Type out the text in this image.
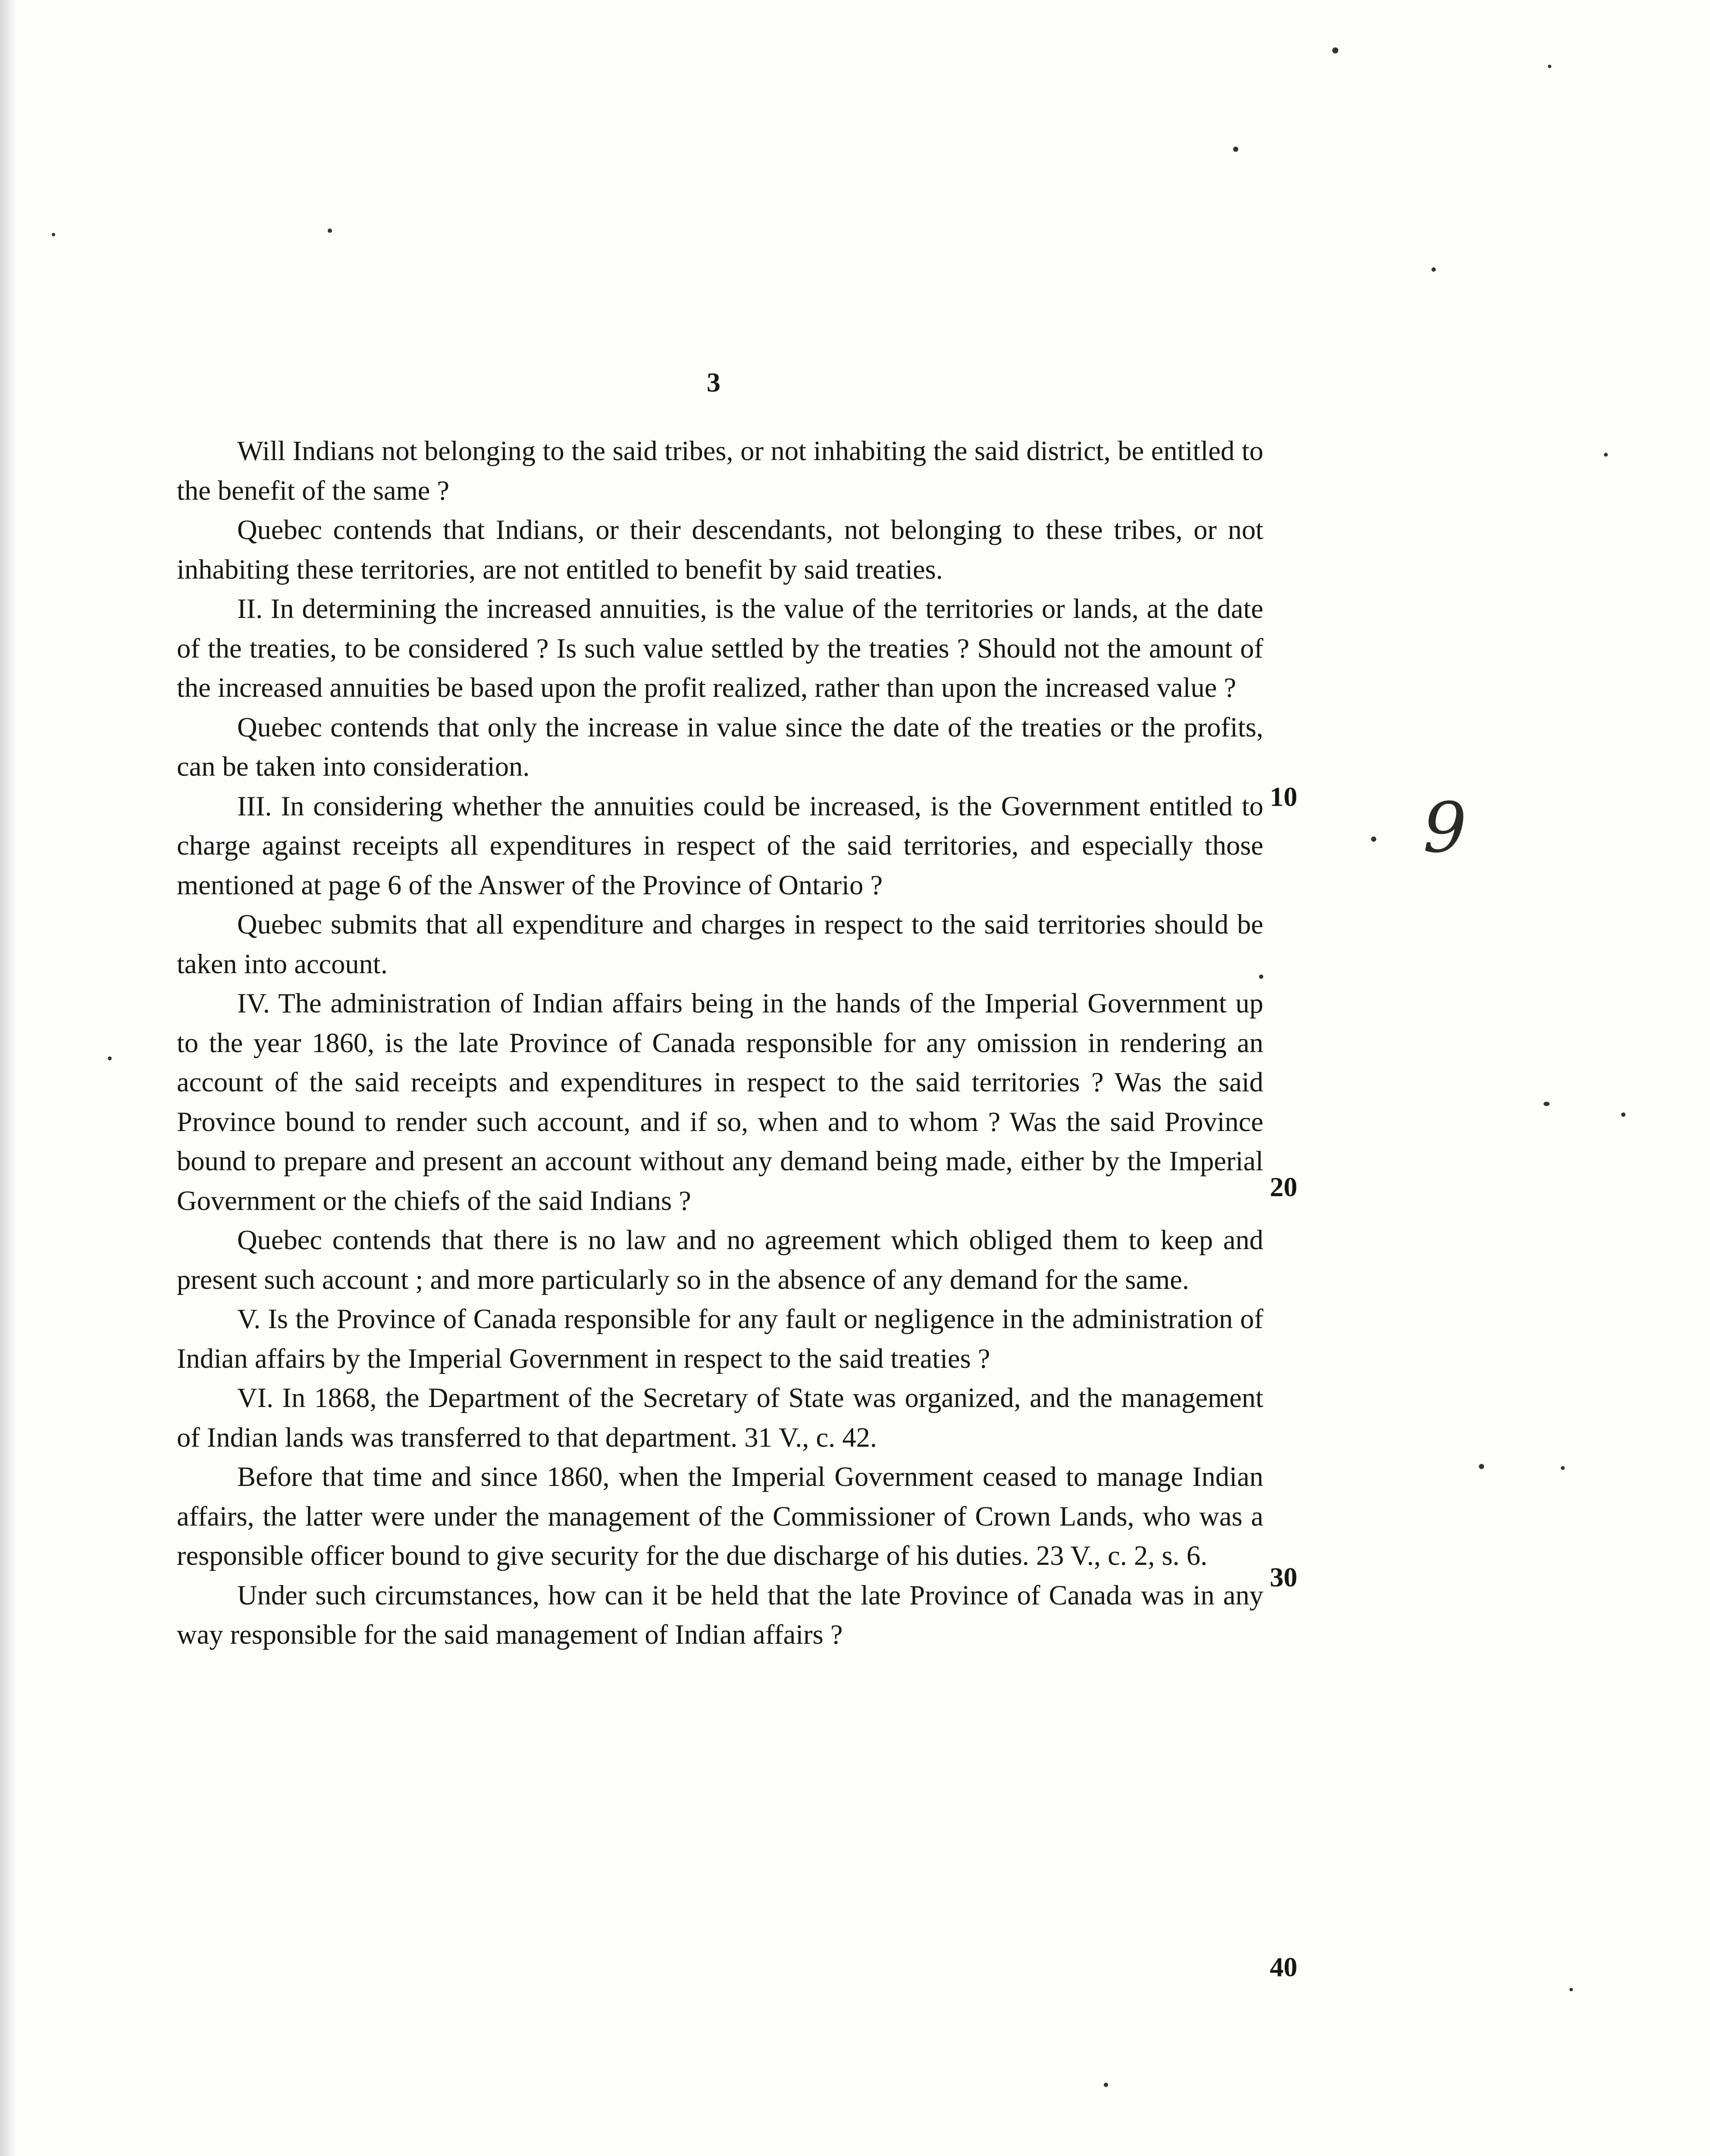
3

Will Indians not belonging to the said tribes, or not inhabiting the said district, be entitled to the benefit of the same ?

Quebec contends that Indians, or their descendants, not belonging to these tribes, or not inhabiting these territories, are not entitled to benefit by said treaties.

II. In determining the increased annuities, is the value of the territories or lands, at the date of the treaties, to be considered ? Is such value settled by the treaties ? Should not the amount of the increased annuities be based upon the profit realized, rather than upon the increased value ?

Quebec contends that only the increase in value since the date of the treaties or the profits, can be taken into consideration.

III. In considering whether the annuities could be increased, is the Government entitled to charge against receipts all expenditures in respect of the said territories, and especially those mentioned at page 6 of the Answer of the Province of Ontario ?

Quebec submits that all expenditure and charges in respect to the said territories should be taken into account.

IV. The administration of Indian affairs being in the hands of the Imperial Government up to the year 1860, is the late Province of Canada responsible for any omission in rendering an account of the said receipts and expenditures in respect to the said territories ? Was the said Province bound to render such account, and if so, when and to whom ? Was the said Province bound to prepare and present an account without any demand being made, either by the Imperial Government or the chiefs of the said Indians ?

Quebec contends that there is no law and no agreement which obliged them to keep and present such account ; and more particularly so in the absence of any demand for the same.

V. Is the Province of Canada responsible for any fault or negligence in the administration of Indian affairs by the Imperial Government in respect to the said treaties ?

VI. In 1868, the Department of the Secretary of State was organized, and the management of Indian lands was transferred to that department. 31 V., c. 42.

Before that time and since 1860, when the Imperial Government ceased to manage Indian affairs, the latter were under the management of the Commissioner of Crown Lands, who was a responsible officer bound to give security for the due discharge of his duties. 23 V., c. 2, s. 6.

Under such circumstances, how can it be held that the late Province of Canada was in any way responsible for the said management of Indian affairs ?

10
20
30
40
9
